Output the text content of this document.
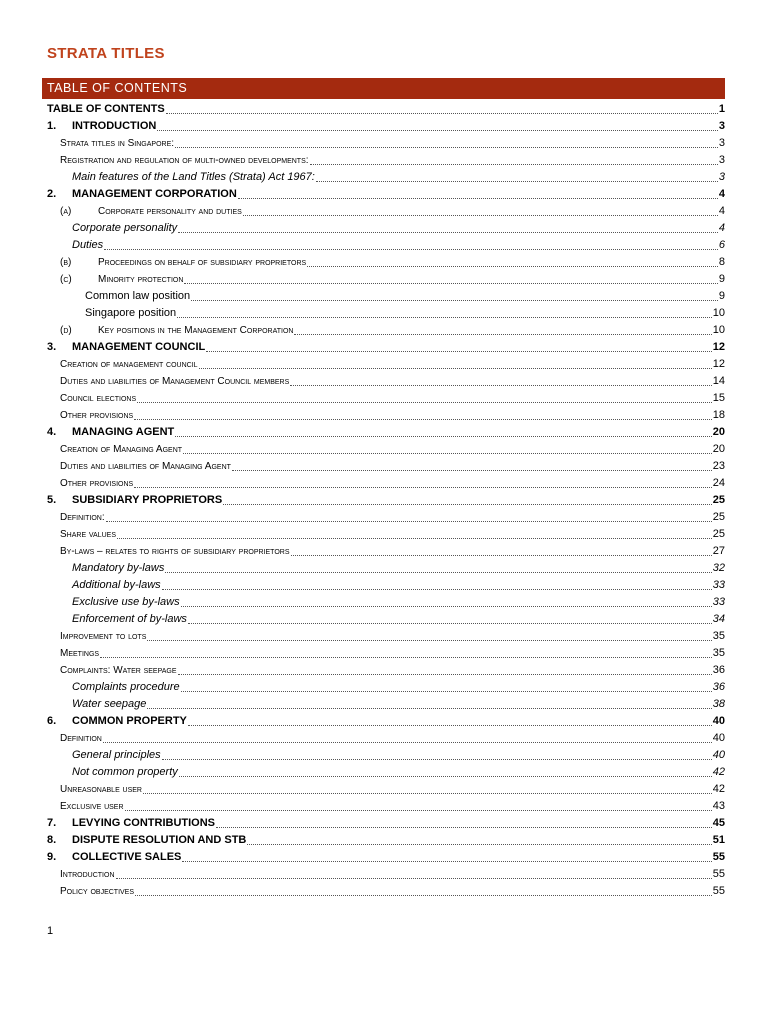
STRATA TITLES
TABLE OF CONTENTS
TABLE OF CONTENTS	1
1.	INTRODUCTION	3
Strata titles in Singapore:	3
Registration and regulation of multi-owned developments:	3
Main features of the Land Titles (Strata) Act 1967:	3
2.	MANAGEMENT CORPORATION	4
(a)	Corporate personality and duties	4
Corporate personality	4
Duties	6
(b)	Proceedings on behalf of subsidiary proprietors	8
(c)	Minority protection	9
Common law position	9
Singapore position	10
(d)	Key positions in the Management Corporation	10
3.	MANAGEMENT COUNCIL	12
Creation of management council	12
Duties and liabilities of Management Council members	14
Council elections	15
Other provisions	18
4.	MANAGING AGENT	20
Creation of Managing Agent	20
Duties and liabilities of Managing Agent	23
Other provisions	24
5.	SUBSIDIARY PROPRIETORS	25
Definition:	25
Share values	25
By-laws – relates to rights of subsidiary proprietors	27
Mandatory by-laws	32
Additional by-laws	33
Exclusive use by-laws	33
Enforcement of by-laws	34
Improvement to lots	35
Meetings	35
Complaints: Water seepage	36
Complaints procedure	36
Water seepage	38
6.	COMMON PROPERTY	40
Definition	40
General principles	40
Not common property	42
Unreasonable user	42
Exclusive user	43
7.	LEVYING CONTRIBUTIONS	45
8.	DISPUTE RESOLUTION AND STB	51
9.	COLLECTIVE SALES	55
Introduction	55
Policy objectives	55
1
